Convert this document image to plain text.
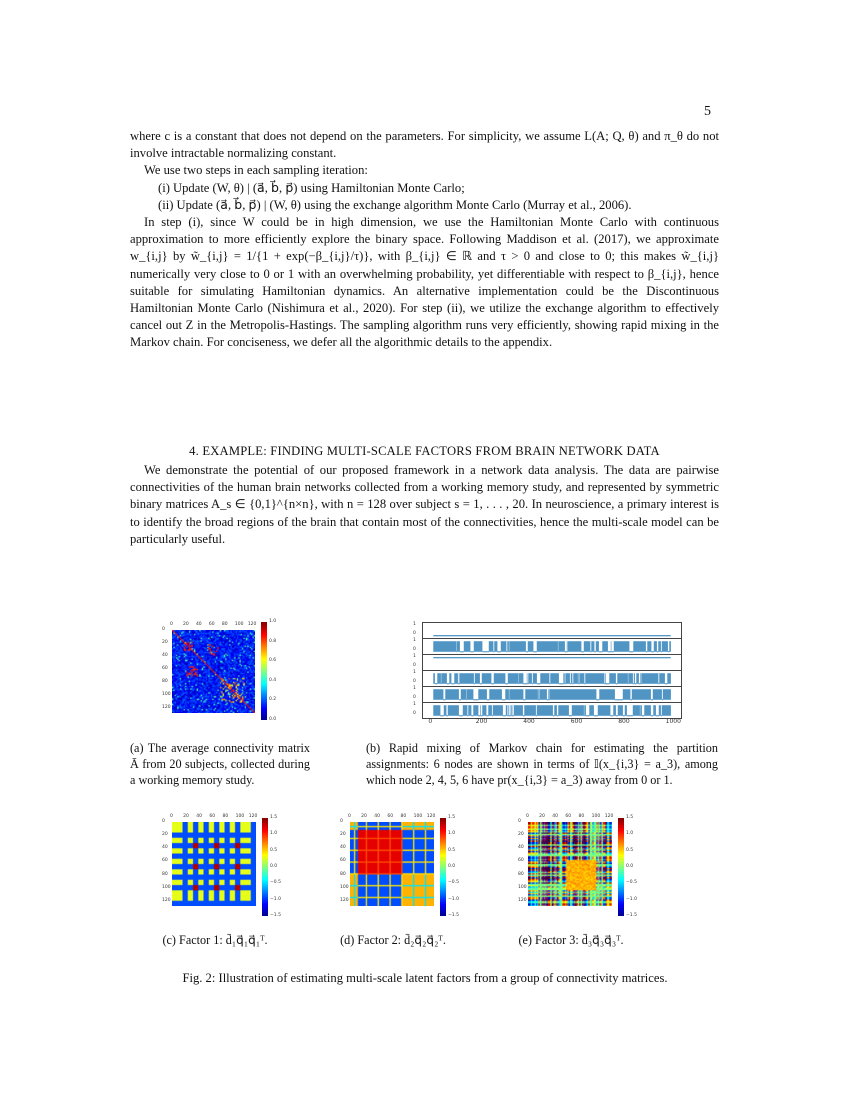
5

where c is a constant that does not depend on the parameters. For simplicity, we assume L(A; Q, θ) and π_θ do not involve intractable normalizing constant.

We use two steps in each sampling iteration:

(i) Update (W, θ) | (a⃗, b⃗, p⃗) using Hamiltonian Monte Carlo;

(ii) Update (a⃗, b⃗, p⃗) | (W, θ) using the exchange algorithm Monte Carlo (Murray et al., 2006).

In step (i), since W could be in high dimension, we use the Hamiltonian Monte Carlo with continuous approximation to more efficiently explore the binary space. Following Maddison et al. (2017), we approximate w_{i,j} by w̃_{i,j} = 1/{1 + exp(−β_{i,j}/τ)}, with β_{i,j} ∈ ℝ and τ > 0 and close to 0; this makes w̃_{i,j} numerically very close to 0 or 1 with an overwhelming probability, yet differentiable with respect to β_{i,j}, hence suitable for simulating Hamiltonian dynamics. An alternative implementation could be the Discontinuous Hamiltonian Monte Carlo (Nishimura et al., 2020). For step (ii), we utilize the exchange algorithm to effectively cancel out Z in the Metropolis-Hastings. The sampling algorithm runs very efficiently, showing rapid mixing in the Markov chain. For conciseness, we defer all the algorithmic details to the appendix.

4. EXAMPLE: FINDING MULTI-SCALE FACTORS FROM BRAIN NETWORK DATA

We demonstrate the potential of our proposed framework in a network data analysis. The data are pairwise connectivities of the human brain networks collected from a working memory study, and represented by symmetric binary matrices A_s ∈ {0,1}^{n×n}, with n = 128 over subject s = 1, . . . , 20. In neuroscience, a primary interest is to identify the broad regions of the brain that contain most of the connectivities, hence the multi-scale model can be particularly useful.

0
0
20
20
40
40
60
60
80
80
100
100
120
120
1.0
0.8
0.6
0.4
0.2
0.0
0
0
20
20
40
40
60
60
80
80
100
100
120
120
1.5
1.0
0.5
0.0
−0.5
−1.0
−1.5
0
0
20
20
40
40
60
60
80
80
100
100
120
120
1.5
1.0
0.5
0.0
−0.5
−1.0
−1.5
0
0
20
20
40
40
60
60
80
80
100
100
120
120
1.5
1.0
0.5
0.0
−0.5
−1.0
−1.5
1
0
1
0
1
0
1
0
1
0
1
0
0	200	400	600	800	1000
(a) The average connectivity matrix Ā from 20 subjects, collected during a working memory study.
(b) Rapid mixing of Markov chain for estimating the partition assignments: 6 nodes are shown in terms of 𝕀(x_{i,3} = a_3), among which node 2, 4, 5, 6 have pr(x_{i,3} = a_3) away from 0 or 1.
(c) Factor 1: d̄₁q⃗₁q⃗₁ᵀ.	(d) Factor 2: d̄₂q⃗₂q⃗₂ᵀ.	(e) Factor 3: d̄₃q⃗₃q⃗₃ᵀ.
Fig. 2: Illustration of estimating multi-scale latent factors from a group of connectivity matrices.
